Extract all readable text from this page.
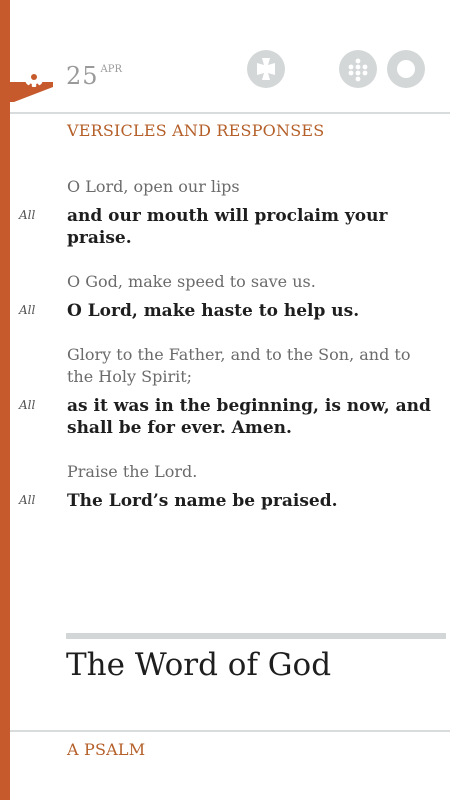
25 $^{APR}$
VERSICLES AND RESPONSES
O Lord, open our lips
All and our mouth will proclaim your praise.
O God, make speed to save us.
All O Lord, make haste to help us.
Glory to the Father, and to the Son, and to the Holy Spirit;
All as it was in the beginning, is now, and shall be for ever. Amen.
Praise the Lord.
All The Lord’s name be praised.
The Word of God
A PSALM
